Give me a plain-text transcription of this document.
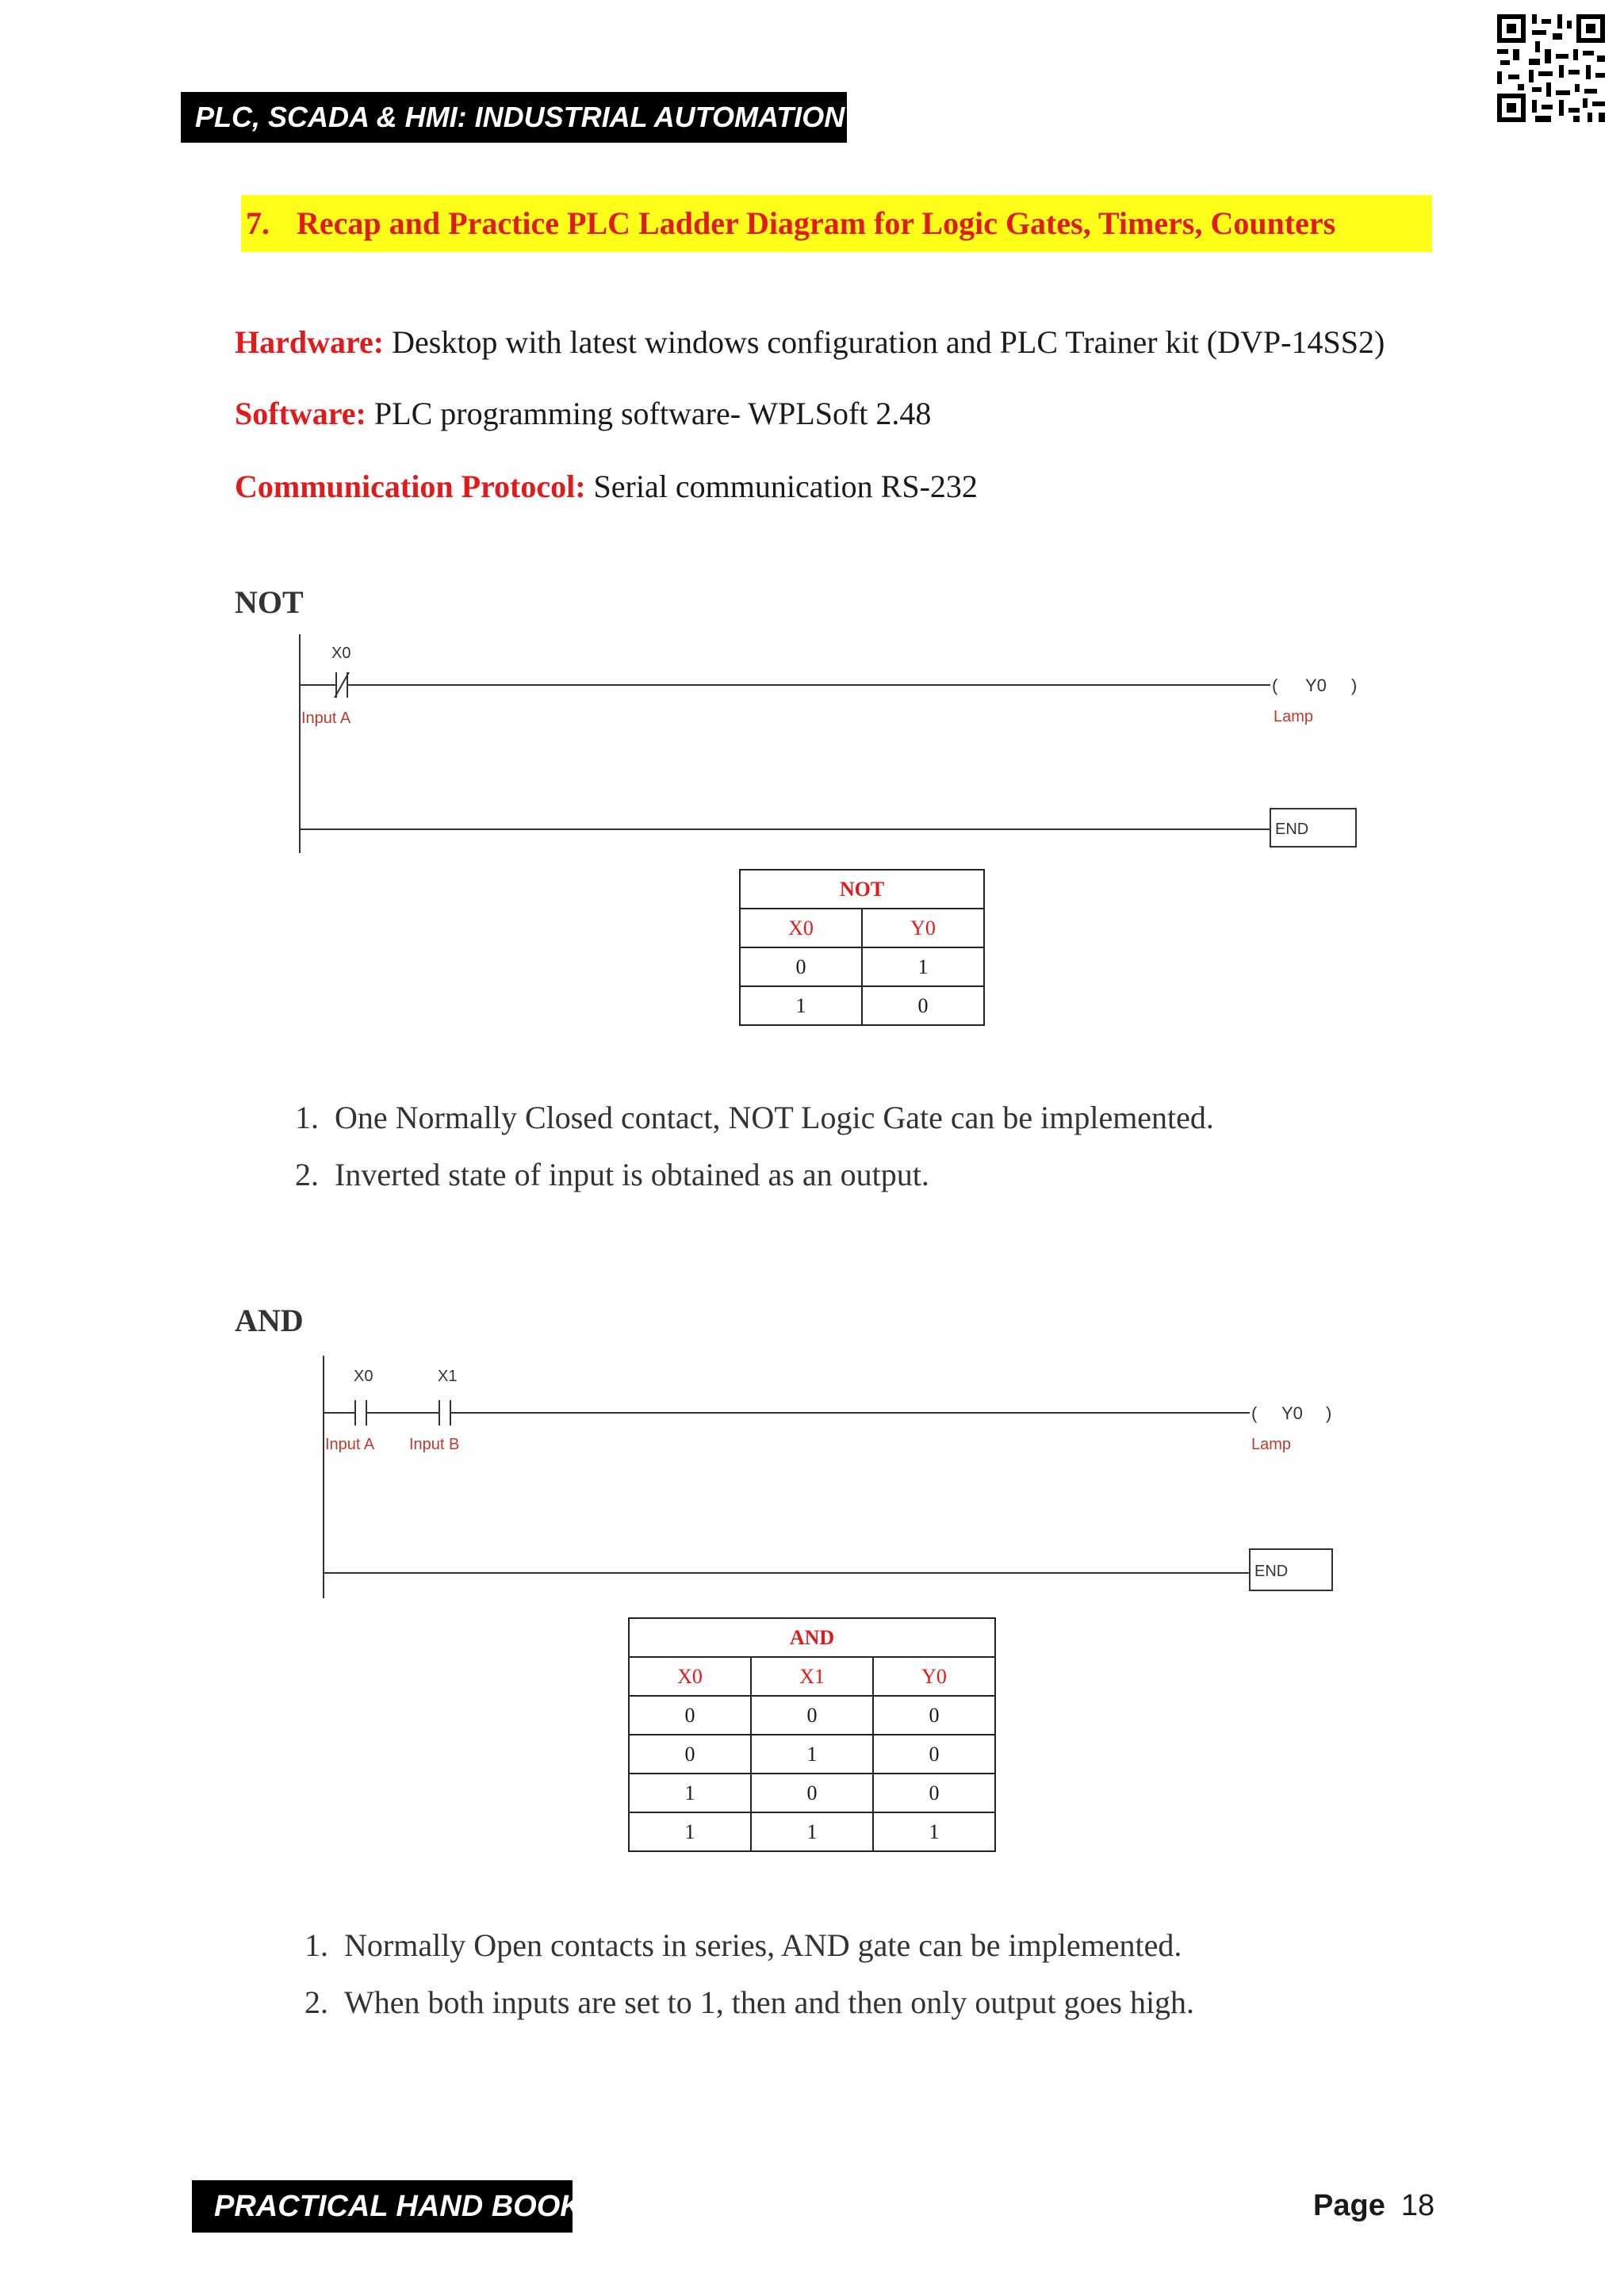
PLC, SCADA & HMI: INDUSTRIAL AUTOMATION
7. Recap and Practice PLC Ladder Diagram for Logic Gates, Timers, Counters
Hardware: Desktop with latest windows configuration and PLC Trainer kit (DVP-14SS2)
Software: PLC programming software- WPLSoft 2.48
Communication Protocol: Serial communication RS-232
NOT
X0
Input A
( Y0 )
Lamp
END
NOT	
X0	Y0
0	1
1	0
1. One Normally Closed contact, NOT Logic Gate can be implemented.
2. Inverted state of input is obtained as an output.
AND
X0	X1
Input A Input B
( Y0 )
Lamp
END
AND		
X0	X1	Y0
0	0	0
0	1	0
1	0	0
1	1	1
1. Normally Open contacts in series, AND gate can be implemented.
2. When both inputs are set to 1, then and then only output goes high.
PRACTICAL HAND BOOK	Page 18
